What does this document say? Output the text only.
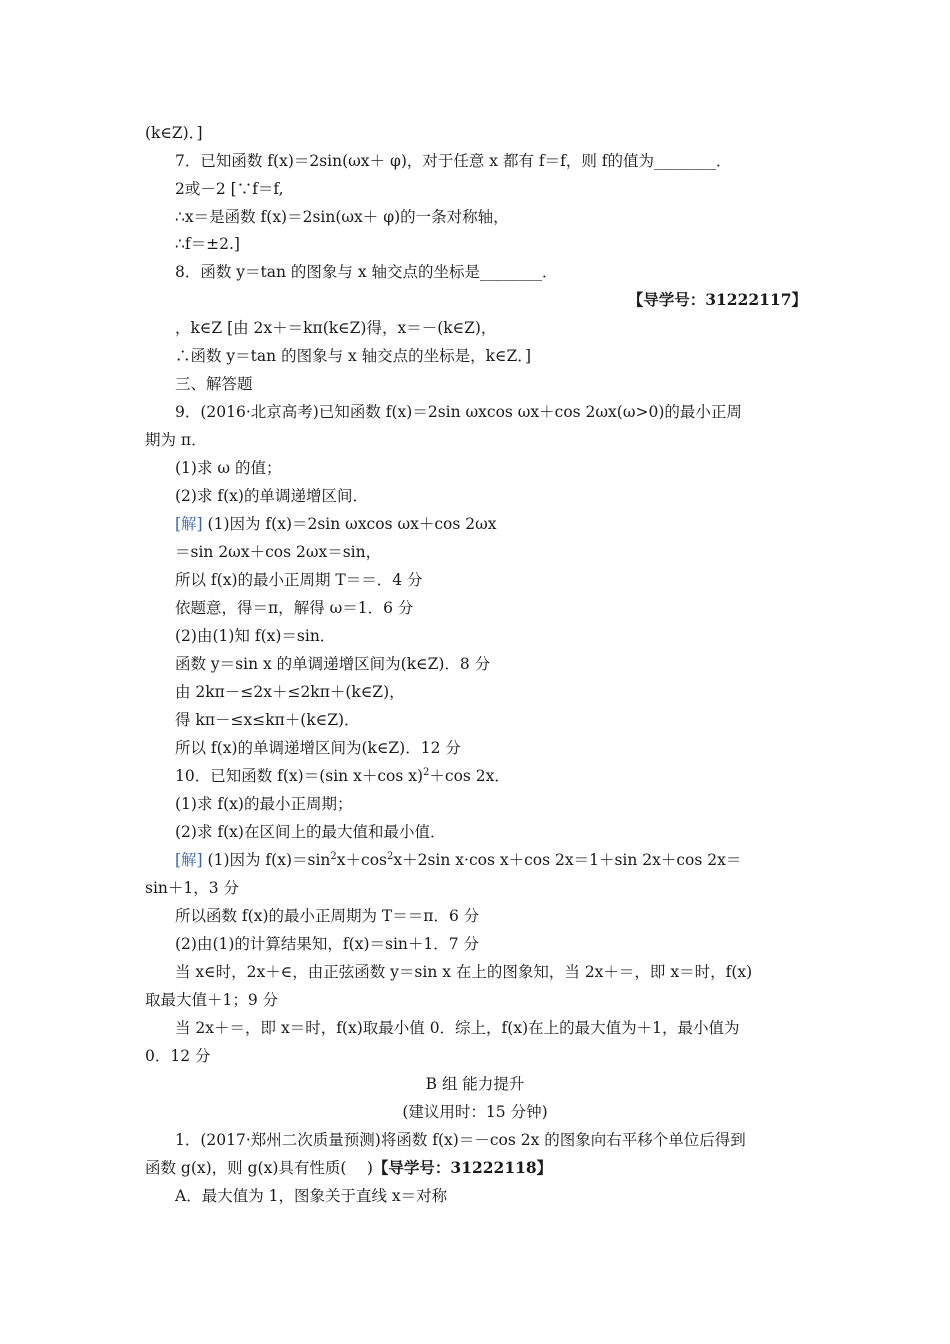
(k∈Z)．]
7．已知函数 f(x)＝2sin(ωx＋ φ)，对于任意 x 都有 f＝f，则 f的值为________．
2或－2 [∵f＝f,
∴x＝是函数 f(x)＝2sin(ωx＋ φ)的一条对称轴，
∴f＝±2.]
8．函数 y＝tan 的图象与 x 轴交点的坐标是________．
【导学号：31222117】
，k∈Z [由 2x＋＝kπ(k∈Z)得，x＝－(k∈Z)，
∴函数 y＝tan 的图象与 x 轴交点的坐标是，k∈Z．]
三、解答题
9．(2016·北京高考)已知函数 f(x)＝2sin ωxcos ωx＋cos 2ωx(ω>0)的最小正周
期为 π．
(1)求 ω 的值；
(2)求 f(x)的单调递增区间．
[解] (1)因为 f(x)＝2sin ωxcos ωx＋cos 2ωx
＝sin 2ωx＋cos 2ωx＝sin，
所以 f(x)的最小正周期 T＝＝．4 分
依题意，得＝π，解得 ω＝1．6 分
(2)由(1)知 f(x)＝sin．
函数 y＝sin x 的单调递增区间为(k∈Z)．8 分
由 2kπ－≤2x＋≤2kπ＋(k∈Z)，
得 kπ－≤x≤kπ＋(k∈Z)．
所以 f(x)的单调递增区间为(k∈Z)．12 分
10．已知函数 f(x)＝(sin x＋cos x)$^2$＋cos 2x．
(1)求 f(x)的最小正周期；
(2)求 f(x)在区间上的最大值和最小值．
[解] (1)因为 $f(x)=\sin^2x+\cos^2x+2\sin$ x·cos x＋cos 2x＝1＋sin 2x＋cos 2x＝
sin＋1，3 分
所以函数 f(x)的最小正周期为 T＝＝π．6 分
(2)由(1)的计算结果知，f(x)＝sin＋1．7 分
当 x∈时，2x＋∈，由正弦函数 y＝sin x 在上的图象知，当 2x＋＝，即 x＝时，f(x)
取最大值＋1；9 分
当 2x＋＝，即 x＝时，f(x)取最小值 0．综上，f(x)在上的最大值为＋1，最小值为
0．12 分
B 组 能力提升
(建议用时：15 分钟)
1．(2017·郑州二次质量预测)将函数 f(x)＝－cos 2x 的图象向右平移个单位后得到
函数 g(x)，则 g(x)具有性质(　 )【导学号：31222118】
A．最大值为 1，图象关于直线 x＝对称
